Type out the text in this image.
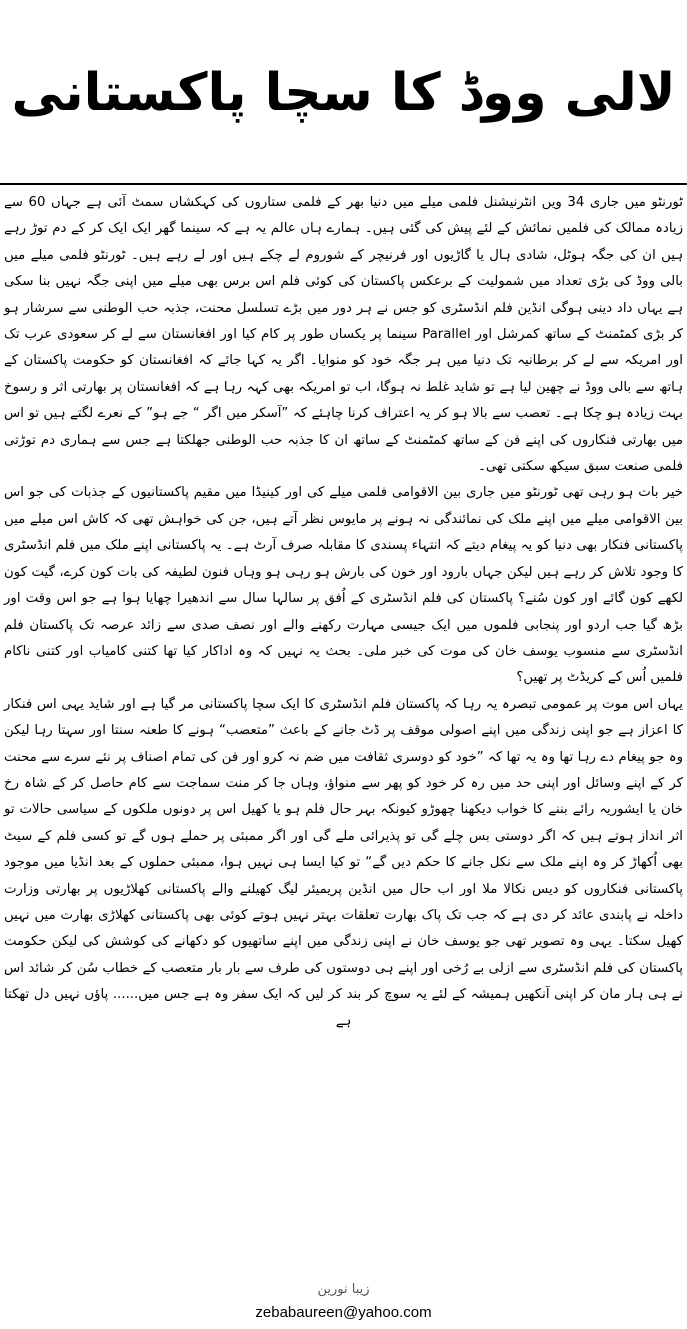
لالی ووڈ کا سچا پاکستانی

ٹورنٹو میں جاری 34 ویں انٹرنیشنل فلمی میلے میں دنیا بھر کے فلمی ستاروں کی کہکشاں سمٹ آئی ہے جہاں 60 سے زیادہ ممالک کی فلمیں نمائش کے لئے پیش کی گئی ہیں۔ ہمارے ہاں عالم یہ ہے کہ سینما گھر ایک ایک کر کے دم توڑ رہے ہیں ان کی جگہ ہوٹل، شادی ہال یا گاڑیوں اور فرنیچر کے شوروم لے چکے ہیں اور لے رہے ہیں۔ ٹورنٹو فلمی میلے میں بالی ووڈ کی بڑی تعداد میں شمولیت کے برعکس پاکستان کی کوئی فلم اس برس بھی میلے میں اپنی جگہ نہیں بنا سکی ہے یہاں داد دینی ہوگی انڈین فلم انڈسٹری کو جس نے ہر دور میں بڑے تسلسل محنت، جذبہ حب الوطنی سے سرشار ہو کر بڑی کمٹمنٹ کے ساتھ کمرشل اور Parallel سینما پر یکساں طور پر کام کیا اور افغانستان سے لے کر سعودی عرب تک اور امریکہ سے لے کر برطانیہ تک دنیا میں ہر جگہ خود کو منوایا۔ اگر یہ کہا جائے کہ افغانستان کو حکومت پاکستان کے ہاتھ سے بالی ووڈ نے چھین لیا ہے تو شاید غلط نہ ہوگا، اب تو امریکہ بھی کہہ رہا ہے کہ افغانستان پر بھارتی اثر و رسوخ بہت زیادہ ہو چکا ہے۔ تعصب سے بالا ہو کر یہ اعتراف کرنا چاہئے کہ ”آسکر میں اگر “ جے ہو” کے نعرے لگتے ہیں تو اس میں بھارتی فنکاروں کی اپنے فن کے ساتھ کمٹمنٹ کے ساتھ ان کا جذبہ حب الوطنی جھلکتا ہے جس سے ہماری دم توڑتی فلمی صنعت سبق سیکھ سکتی تھی۔

خیر بات ہو رہی تھی ٹورنٹو میں جاری بین الاقوامی فلمی میلے کی اور کینیڈا میں مقیم پاکستانیوں کے جذبات کی جو اس بین الاقوامی میلے میں اپنے ملک کی نمائندگی نہ ہونے پر مایوس نظر آتے ہیں، جن کی خواہش تھی کہ کاش اس میلے میں پاکستانی فنکار بھی دنیا کو یہ پیغام دیتے کہ انتہاء پسندی کا مقابلہ صرف آرٹ ہے۔ یہ پاکستانی اپنے ملک میں فلم انڈسٹری کا وجود تلاش کر رہے ہیں لیکن جہاں بارود اور خون کی بارش ہو رہی ہو وہاں فنون لطیفہ کی بات کون کرے، گیت کون لکھے کون گائے اور کون سُنے؟ پاکستان کی فلم انڈسٹری کے اُفق پر سالہا سال سے اندھیرا چھایا ہوا ہے جو اس وقت اور بڑھ گیا جب اردو اور پنجابی فلموں میں ایک جیسی مہارت رکھنے والے اور نصف صدی سے زائد عرصہ تک پاکستان فلم انڈسٹری سے منسوب یوسف خان کی موت کی خبر ملی۔ بحث یہ نہیں کہ وہ اداکار کیا تھا کتنی کامیاب اور کتنی ناکام فلمیں اُس کے کریڈٹ پر تھیں؟

یہاں اس موت پر عمومی تبصرہ یہ رہا کہ پاکستان فلم انڈسٹری کا ایک سچا پاکستانی مر گیا ہے اور شاید یہی اس فنکار کا اعزاز ہے جو اپنی زندگی میں اپنے اصولی موقف پر ڈٹ جانے کے باعث ”متعصب“ ہونے کا طعنہ سنتا اور سہتا رہا لیکن وہ جو پیغام دے رہا تھا وہ یہ تھا کہ ”خود کو دوسری ثقافت میں ضم نہ کرو اور فن کی تمام اصناف پر نئے سرے سے محنت کر کے اپنے وسائل اور اپنی حد میں رہ کر خود کو پھر سے منواؤ، وہاں جا کر منت سماجت سے کام حاصل کر کے شاہ رخ خان یا ایشوریہ رائے بننے کا خواب دیکھنا چھوڑو کیونکہ بہر حال فلم ہو یا کھیل اس پر دونوں ملکوں کے سیاسی حالات تو اثر انداز ہوتے ہیں کہ اگر دوستی بس چلے گی تو پذیرائی ملے گی اور اگر ممبئی پر حملے ہوں گے تو کسی فلم کے سیٹ بھی اُکھاڑ کر وہ اپنے ملک سے نکل جانے کا حکم دیں گے“ تو کیا ایسا ہی نہیں ہوا، ممبئی حملوں کے بعد انڈیا میں موجود پاکستانی فنکاروں کو دیس نکالا ملا اور اب حال میں انڈین پریمیئر لیگ کھیلنے والے پاکستانی کھلاڑیوں پر بھارتی وزارت داخلہ نے پابندی عائد کر دی ہے کہ جب تک پاک بھارت تعلقات بہتر نہیں ہوتے کوئی بھی پاکستانی کھلاڑی بھارت میں نہیں کھیل سکتا۔ یہی وہ تصویر تھی جو یوسف خان نے اپنی زندگی میں اپنے ساتھیوں کو دکھانے کی کوشش کی لیکن حکومت پاکستان کی فلم انڈسٹری سے ازلی بے رُخی اور اپنے ہی دوستوں کی طرف سے بار بار متعصب کے خطاب سُن کر شائد اس نے ہی ہار مان کر اپنی آنکھیں ہمیشہ کے لئے یہ سوچ کر بند کر لیں کہ ایک سفر وہ ہے جس میں...... پاؤں نہیں دل تھکتا ہے

زیبا نورین
zebabaureen@yahoo.com
